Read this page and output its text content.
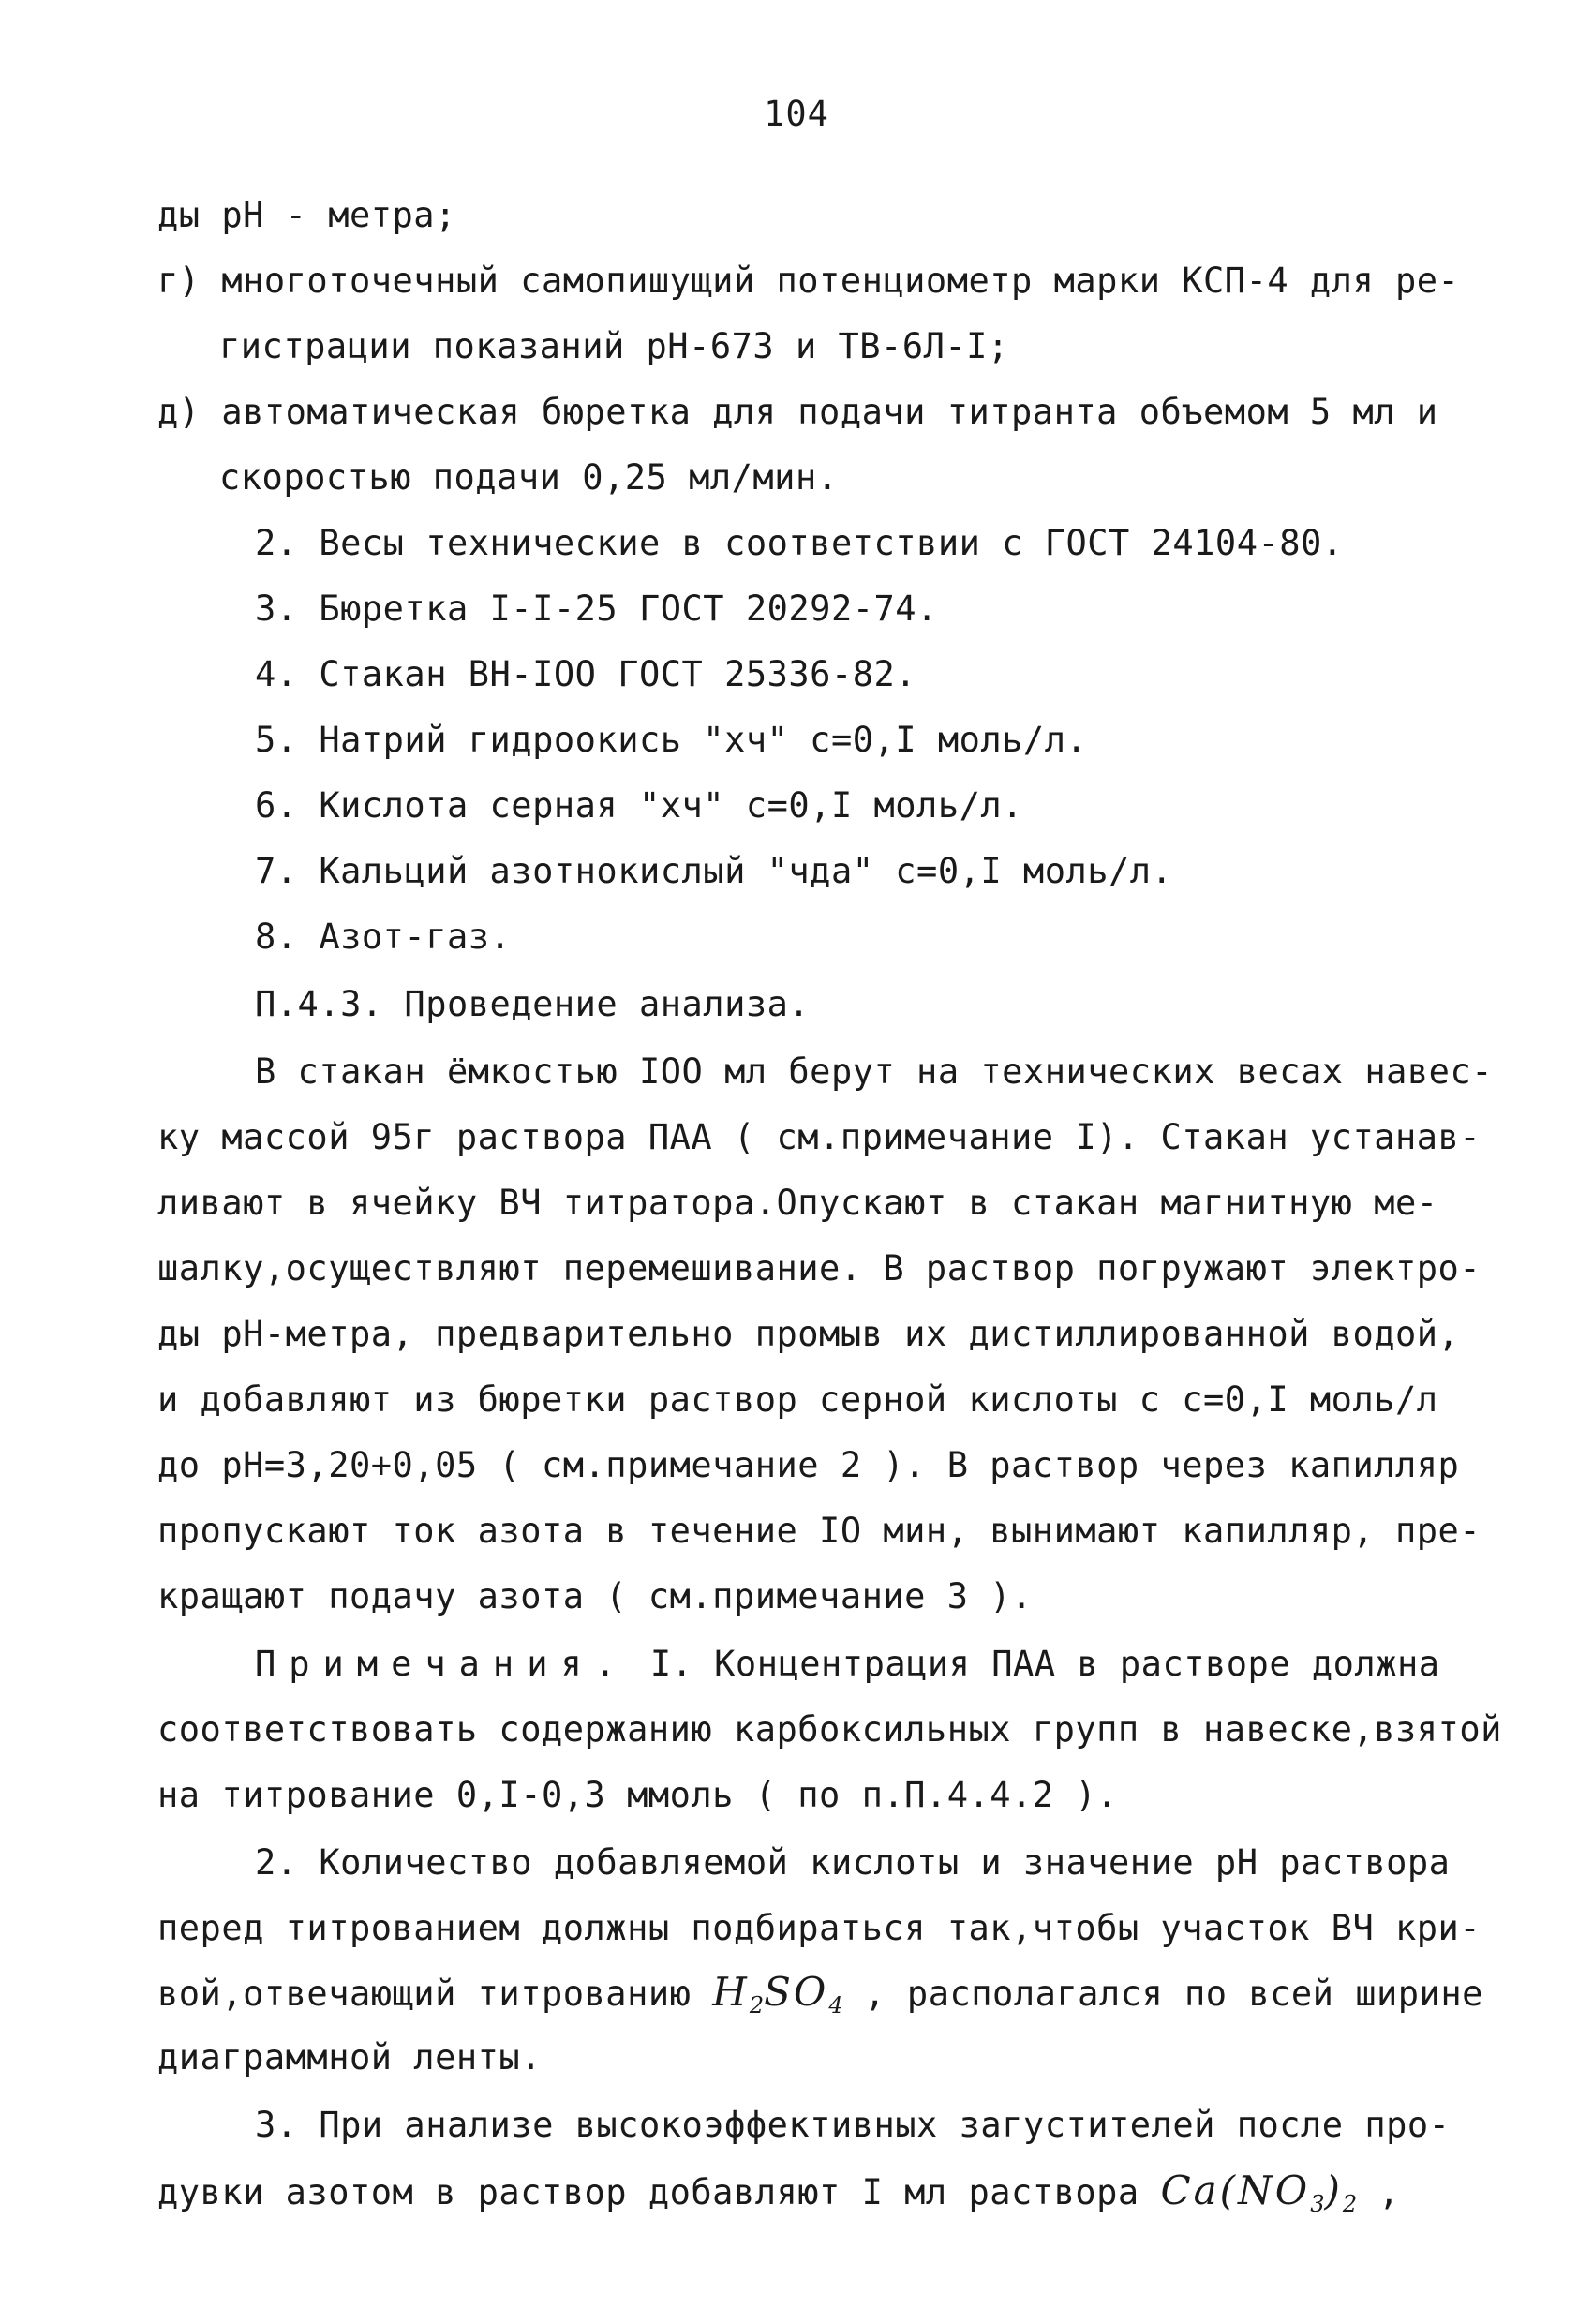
104
ды рН - метра;
г) многоточечный самопишущий потенциометр марки КСП-4 для ре-
гистрации показаний рН-673 и ТВ-6Л-I;
д) автоматическая бюретка для подачи титранта объемом 5 мл и
скоростью подачи 0,25 мл/мин.
2. Весы технические в соответствии с ГОСТ 24104-80.
3. Бюретка I-I-25 ГОСТ 20292-74.
4. Стакан ВН-IOO ГОСТ 25336-82.
5. Натрий гидроокись "хч" с=0,I моль/л.
6. Кислота серная "хч" с=0,I моль/л.
7. Кальций азотнокислый "чда" с=0,I моль/л.
8. Азот-газ.
П.4.3. Проведение анализа.
В стакан ёмкостью IOO мл берут на технических весах навес-
ку массой 95г раствора ПАА ( см.примечание I). Стакан устанав-
ливают в ячейку ВЧ титратора.Опускают в стакан магнитную ме-
шалку,осуществляют перемешивание. В раствор погружают электро-
ды рН-метра, предварительно промыв их дистиллированной водой,
и добавляют из бюретки раствор серной кислоты с с=0,I моль/л
до рН=3,20+0,05 ( см.примечание 2 ). В раствор через капилляр
пропускают ток азота в течение IO мин, вынимают капилляр, пре-
кращают подачу азота ( см.примечание 3 ).
Примечания. I. Концентрация ПАА в растворе должна
соответствовать содержанию карбоксильных групп в навеске,взятой
на титрование 0,I-0,3 ммоль ( по п.П.4.4.2 ).
2. Количество добавляемой кислоты и значение рН раствора
перед титрованием должны подбираться так,чтобы участок ВЧ кри-
вой,отвечающий титрованию $H_2SO_4$ , располагался по всей ширине
диаграммной ленты.
3. При анализе высокоэффективных загустителей после про-
дувки азотом в раствор добавляют I мл раствора $Ca(NO_3)_2$ ,
